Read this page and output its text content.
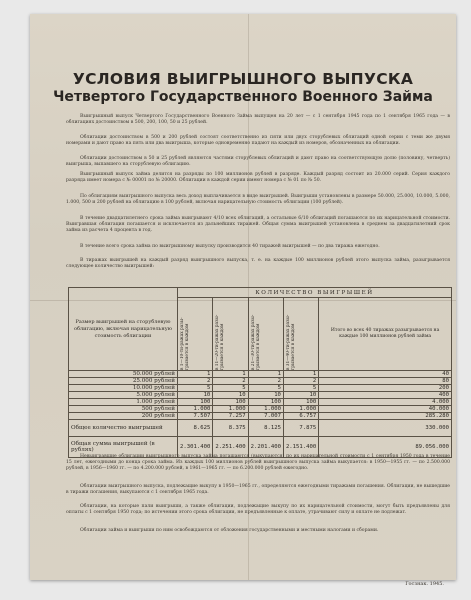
УСЛОВИЯ ВЫИГРЫШНОГО ВЫПУСКА
Четвертого Государственного Военного Займа
Выигрышный выпуск Четвертого Государственного Военного Займа выпущен на 20 лет — с 1 сентября 1945 года по 1 сентября 1965 года — в облигациях достоинством в 500, 200, 100, 50 и 25 рублей.
Облигации достоинством в 500 и 200 рублей состоят соответственно из пяти или двух сторублевых облигаций одной серии с теми же двумя номерами и дают право на пять или два выигрыша, которые одновременно падают на каждый из номеров, обозначенных на облигации.
Облигации достоинством в 50 и 25 рублей являются частями сторублевых облигаций и дают право на соответствующую долю (половину, четверть) выигрыша, выпавшего на сторублевую облигацию.
Выигрышный выпуск займа делится на разряды по 100 миллионов рублей в разряде. Каждый разряд состоит из 20.000 серий. Серия каждого разряда имеет номера с № 00001 по № 20000. Облигации в каждой серии имеют номера с № 01 по № 50.
По облигациям выигрышного выпуска весь доход выплачивается в виде выигрышей. Выигрыши установлены в размере 50.000, 25.000, 10.000, 5.000, 1.000, 500 и 200 рублей на облигацию в 100 рублей, включая нарицательную стоимость облигации (100 рублей).
В течение двадцатилетнего срока займа выигрывают 4/10 всех облигаций, а остальные 6/10 облигаций погашаются по их нарицательной стоимости. Выигравшая облигация погашается и исключается из дальнейших тиражей. Общая сумма выигрышей установлена в среднем за двадцатилетний срок займа из расчета 4 процента в год.
В течение всего срока займа по выигрышному выпуску производится 40 тиражей выигрышей — по два тиража ежегодно.
В тиражах выигрышей на каждый разряд выигрышного выпуска, т. е. на каждые 100 миллионов рублей этого выпуска займа, разыгрывается следующее количество выигрышей:
Размер выигрышей на сторублевую облигацию, включая нарицательную стоимость облигации	КОЛИЧЕСТВО ВЫИГРЫШЕЙ				

	в 1—10-ти-ражах разы-грывается в каждом	в 11—20-ти-ражах разы-грывается в каждом	в 21—30-ти-ражах разы-грывается в каждом	в 31—40-ти-ражах разы-грывается в каждом	Итого во всех 40 тиражах разыгрывается на каждые 100 миллионов рублей займа
50.000 рублей	1	1	1	1	40
25.000 рублей	2	2	2	2	80
10.000 рублей	5	5	5	5	200
5.000 рублей	10	10	10	10	400
1.000 рублей	100	100	100	100	4.000
500 рублей	1.000	1.000	1.000	1.000	40.000
200 рублей	7.507	7.257	7.007	6.757	285.280
Общее количество выигрышей	8.625	8.375	8.125	7.875	330.000
Общая сумма выигрышей (в рублях)	2.301.400	2.251.400	2.201.400	2.151.400	89.056.000
Невыигравшие облигации выигрышного выпуска займа погашаются (выкупаются) по их нарицательной стоимости с 1 сентября 1950 года в течение 15 лет, ежегодными до конца срока займа. Из каждых 100 миллионов рублей выигрышного выпуска займа выкупается: в 1950—1955 гг. — по 2.500.000 рублей, в 1956—1960 гг. — по 4.200.000 рублей, в 1961—1965 гг. — по 6.200.000 рублей ежегодно.
Облигации выигрышного выпуска, подлежащие выкупу в 1950—1965 гг., определяются ежегодными тиражами погашения. Облигации, не вышедшие в тиражи погашения, выкупаются с 1 сентября 1965 года.
Облигации, на которые пали выигрыши, а также облигации, подлежащие выкупу по их нарицательной стоимости, могут быть предъявлены для оплаты с 1 сентября 1950 года; по истечении этого срока облигации, не предъявленные к оплате, утрачивают силу и оплате не подлежат.
Облигации займа и выигрыши по ним освобождаются от обложения государственными и местными налогами и сборами.
Госзнак. 1945.
